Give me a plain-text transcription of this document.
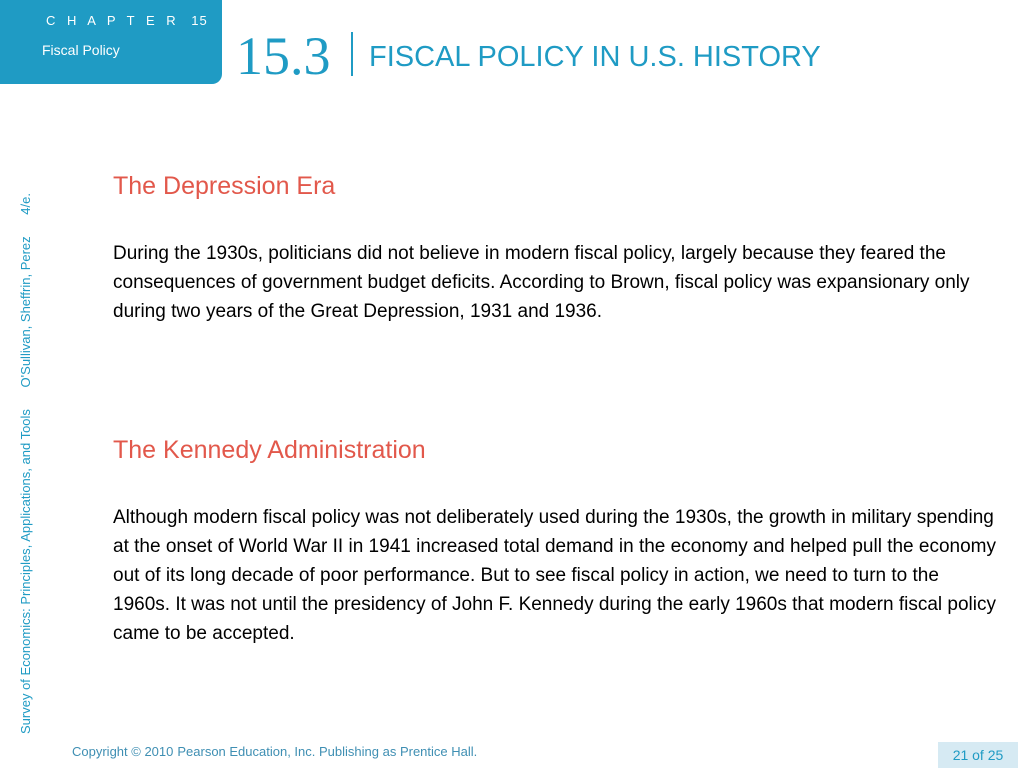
C H A P T E R 15
Fiscal Policy 15.3 FISCAL POLICY IN U.S. HISTORY
Survey of Economics: Principles, Applications, and Tools O'Sullivan, Sheffrin, Perez 4/e.
The Depression Era
During the 1930s, politicians did not believe in modern fiscal policy, largely because they feared the consequences of government budget deficits. According to Brown, fiscal policy was expansionary only during two years of the Great Depression, 1931 and 1936.
The Kennedy Administration
Although modern fiscal policy was not deliberately used during the 1930s, the growth in military spending at the onset of World War II in 1941 increased total demand in the economy and helped pull the economy out of its long decade of poor performance. But to see fiscal policy in action, we need to turn to the 1960s. It was not until the presidency of John F. Kennedy during the early 1960s that modern fiscal policy came to be accepted.
Copyright © 2010 Pearson Education, Inc. Publishing as Prentice Hall.	21 of 25
